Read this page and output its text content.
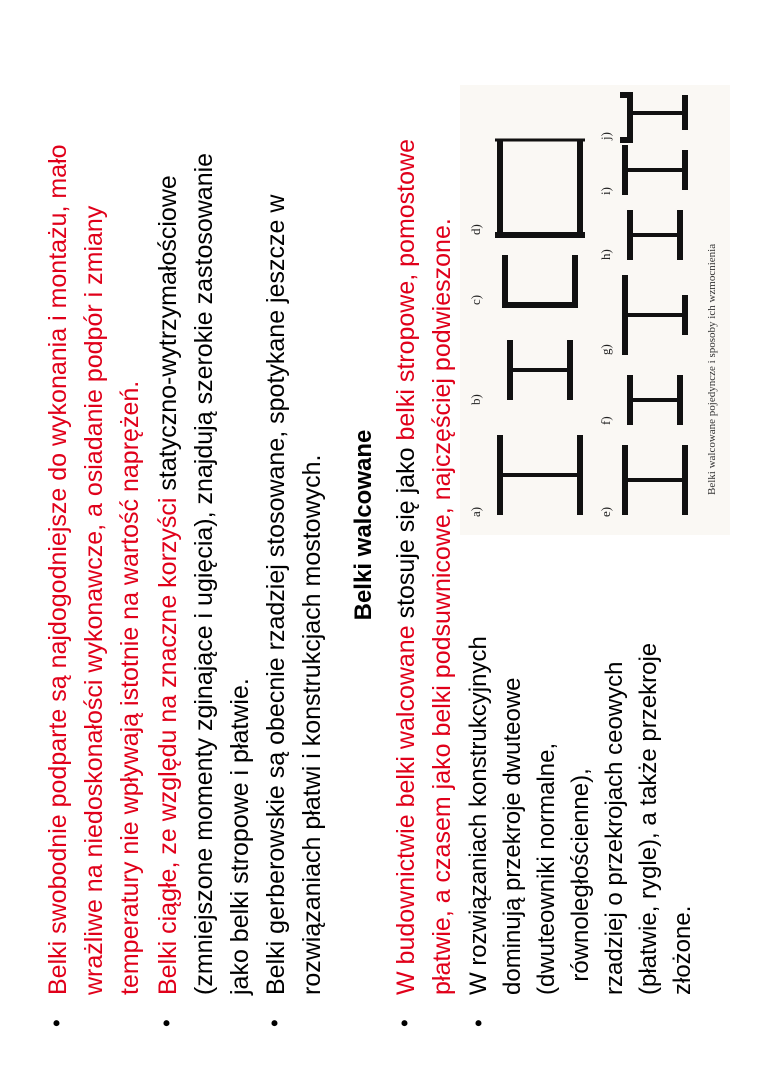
•
Belki swobodnie podparte są najdogodniejsze do wykonania i montażu, mało wrażliwe na niedoskonałości wykonawcze, a osiadanie podpór i zmiany temperatury nie wpływają istotnie na wartość naprężeń.
•
Belki ciągłe, ze względu na znaczne korzyści statyczno-wytrzymałościowe (zmniejszone momenty zginające i ugięcia), znajdują szerokie zastosowanie jako belki stropowe i płatwie.
•
Belki gerberowskie są obecnie rzadziej stosowane, spotykane jeszcze w rozwiązaniach płatwi i konstrukcjach mostowych. Belki walcowane
•
W budownictwie belki walcowane stosuje się jako belki stropowe, pomostowe płatwie, a czasem jako belki podsuwnicowe, najczęściej podwieszone.
•
W rozwiązaniach konstrukcyjnych dominują przekroje dwuteowe (dwuteowniki normalne, równoległościenne), rzadziej o przekrojach ceowych (płatwie, rygle), a także przekroje złożone.
a)
b)
c)
d)
e)
f)
g)
h)
i)
j)
Belki walcowane pojedyncze i sposoby ich wzmocnienia
